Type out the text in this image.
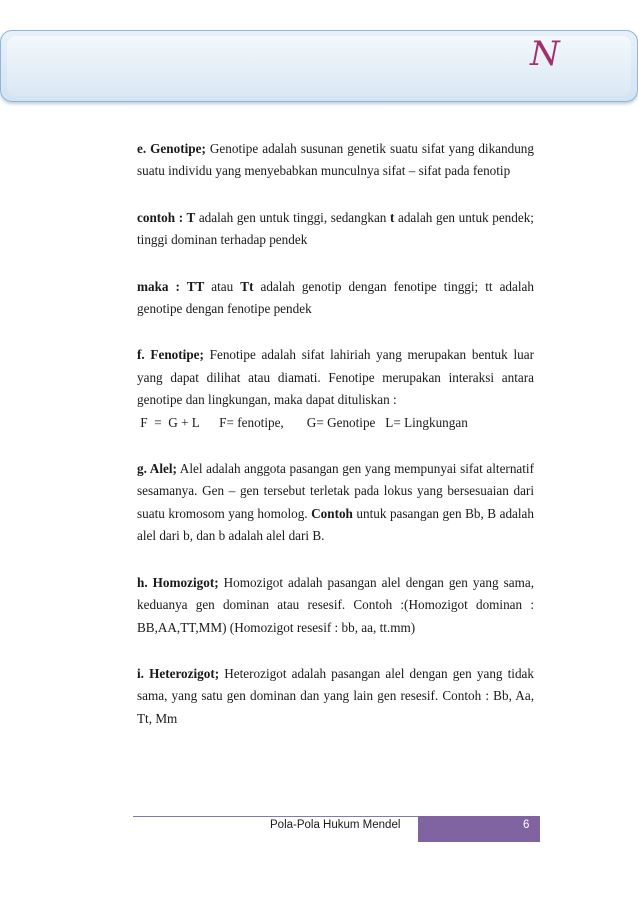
N

e. Genotipe; Genotipe adalah susunan genetik suatu sifat yang dikandung suatu individu yang menyebabkan munculnya sifat – sifat pada fenotip

contoh : T adalah gen untuk tinggi, sedangkan t adalah gen untuk pendek; tinggi dominan terhadap pendek

maka : TT atau Tt adalah genotip dengan fenotipe tinggi; tt adalah genotipe dengan fenotipe pendek

f. Fenotipe; Fenotipe adalah sifat lahiriah yang merupakan bentuk luar yang dapat dilihat atau diamati. Fenotipe merupakan interaksi antara genotipe dan lingkungan, maka dapat dituliskan :
F  =  G + L      F= fenotipe,       G= Genotipe   L= Lingkungan

g. Alel; Alel adalah anggota pasangan gen yang mempunyai sifat alternatif sesamanya. Gen – gen tersebut terletak pada lokus yang bersesuaian dari suatu kromosom yang homolog. Contoh untuk pasangan gen Bb, B adalah alel dari b, dan b adalah alel dari B.

h. Homozigot; Homozigot adalah pasangan alel dengan gen yang sama, keduanya gen dominan atau resesif. Contoh :(Homozigot dominan : BB,AA,TT,MM) (Homozigot resesif : bb, aa, tt.mm)

i. Heterozigot; Heterozigot adalah pasangan alel dengan gen yang tidak sama, yang satu gen dominan dan yang lain gen resesif. Contoh : Bb, Aa, Tt, Mm

Pola-Pola Hukum Mendel	6
